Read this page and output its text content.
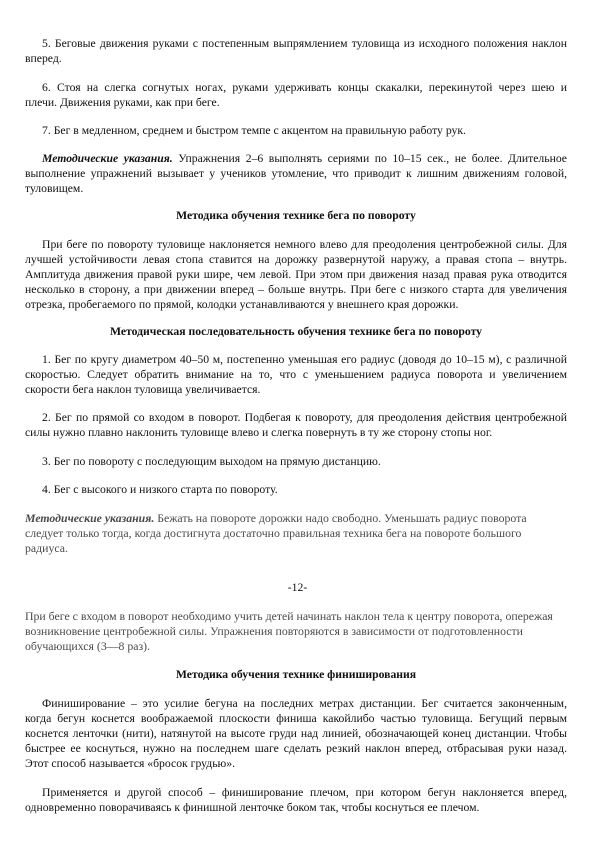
5. Беговые движения руками с постепенным выпрямлением туловища из исходного положения наклон
вперед.
6. Стоя на слегка согнутых ногах, руками удерживать концы скакалки, перекинутой через шею и
плечи. Движения руками, как при беге.
7. Бег в медленном, среднем и быстром темпе с акцентом на правильную работу рук.
Методические указания. Упражнения 2–6 выполнять сериями по 10–15 сек., не более. Длительное
выполнение упражнений вызывает у учеников утомление, что приводит к лишним движениям головой,
туловищем.
Методика обучения технике бега по повороту
При беге по повороту туловище наклоняется немного влево для преодоления центробежной силы. Для
лучшей устойчивости левая стопа ставится на дорожку развернутой наружу, а правая стопа – внутрь.
Амплитуда движения правой руки шире, чем левой. При этом при движения назад правая рука отводится
несколько в сторону, а при движении вперед – больше внутрь. При беге с низкого старта для увеличения
отрезка, пробегаемого по прямой, колодки устанавливаются у внешнего края дорожки.
Методическая последовательность обучения технике бега по повороту
1. Бег по кругу диаметром 40–50 м, постепенно уменьшая его радиус (доводя до 10–15 м), с различной
скоростью. Следует обратить внимание на то, что с уменьшением радиуса поворота и увеличением
скорости бега наклон туловища увеличивается.
2. Бег по прямой со входом в поворот. Подбегая к повороту, для преодоления действия центробежной
силы нужно плавно наклонить туловище влево и слегка повернуть в ту же сторону стопы ног.
3. Бег по повороту с последующим выходом на прямую дистанцию.
4. Бег с высокого и низкого старта по повороту.
Методические указания. Бежать на повороте дорожки надо свободно. Уменьшать радиус поворота
следует только тогда, когда достигнута достаточно правильная техника бега на повороте большого
радиуса.
-12-
При беге с входом в поворот необходимо учить детей начинать наклон тела к центру поворота, опережая
возникновение центробежной силы. Упражнения повторяются в зависимости от подготовленности
обучающихся (3—8 раз).
Методика обучения технике финиширования
Финиширование – это усилие бегуна на последних метрах дистанции. Бег считается законченным,
когда бегун коснется воображаемой плоскости финиша какойлибо частью туловища. Бегущий первым
коснется ленточки (нити), натянутой на высоте груди над линией, обозначающей конец дистанции. Чтобы
быстрее ее коснуться, нужно на последнем шаге сделать резкий наклон вперед, отбрасывая руки назад.
Этот способ называется «бросок грудью».
Применяется и другой способ – финиширование плечом, при котором бегун наклоняется вперед,
одновременно поворачиваясь к финишной ленточке боком так, чтобы коснуться ее плечом.
